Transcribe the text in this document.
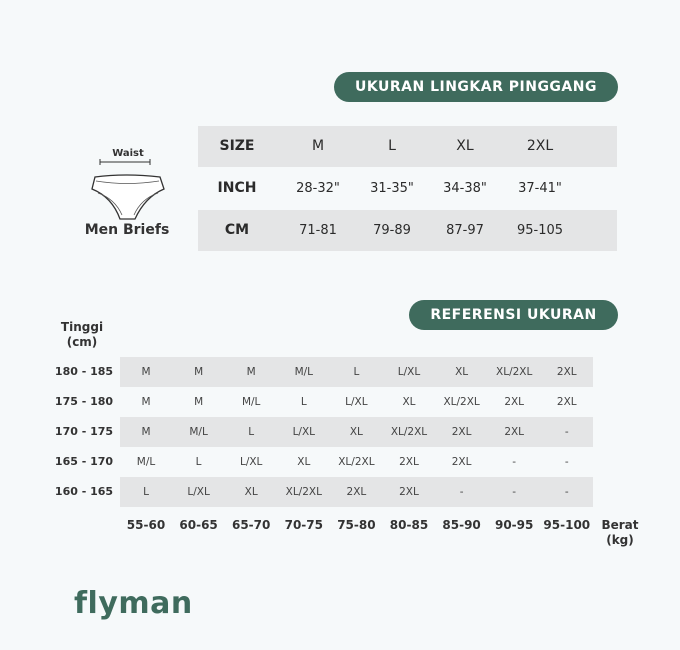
UKURAN LINGKAR PINGGANG
Waist
Men Briefs
SIZE	M	L	XL	2XL
INCH	28-32"	31-35"	34-38"	37-41"
CM	71-81	79-89	87-97	95-105
REFERENSI UKURAN
Tinggi
(cm)
180 - 185	M	M	M	M/L	L	L/XL	XL	XL/2XL	2XL
175 - 180	M	M	M/L	L	L/XL	XL	XL/2XL	2XL	2XL
170 - 175	M	M/L	L	L/XL	XL	XL/2XL	2XL	2XL	-
165 - 170	M/L	L	L/XL	XL	XL/2XL	2XL	2XL	-	-
160 - 165	L	L/XL	XL	XL/2XL	2XL	2XL	-	-	-
55-60	60-65	65-70	70-75	75-80	80-85	85-90	90-95 95-100 Berat
(kg)
flyman
